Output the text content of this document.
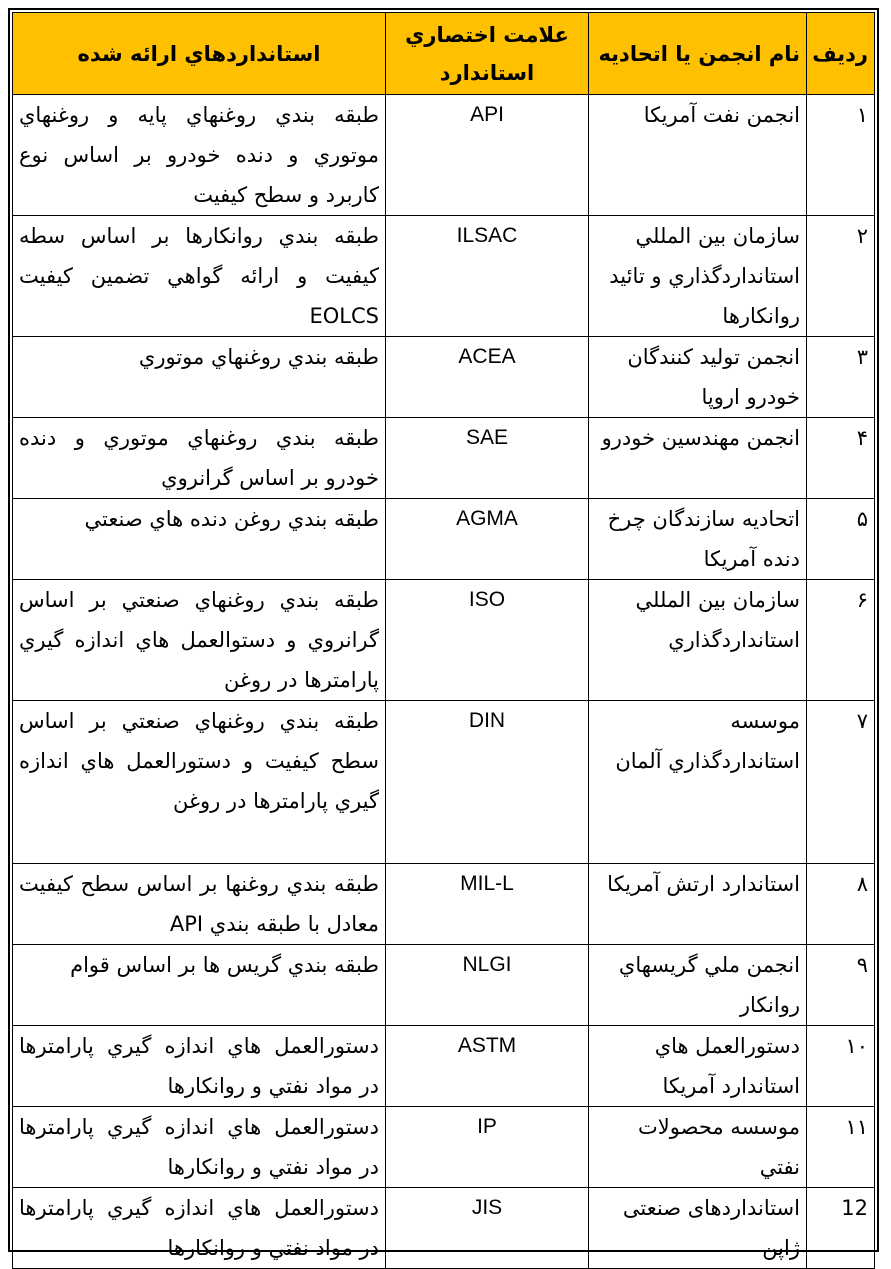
رديف	نام انجمن يا اتحاديه	علامت اختصاري استاندارد	استانداردهاي ارائه شده
۱	انجمن نفت آمريكا	API	طبقه بندي روغنهاي پايه و روغنهاي موتوري و دنده خودرو بر اساس نوع كاربرد و سطح كيفيت
۲	سازمان بين المللي استانداردگذاري و تائيد روانكارها	ILSAC	طبقه بندي روانكارها بر اساس سطه كيفيت و ارائه گواهي تضمين كيفيت EOLCS
۳	انجمن توليد كنندگان خودرو اروپا	ACEA	طبقه بندي روغنهاي موتوري
۴	انجمن مهندسين خودرو	SAE	طبقه بندي روغنهاي موتوري و دنده خودرو بر اساس گرانروي
۵	اتحاديه سازندگان چرخ دنده آمريكا	AGMA	طبقه بندي روغن دنده هاي صنعتي
۶	سازمان بين المللي استانداردگذاري	ISO	طبقه بندي روغنهاي صنعتي بر اساس گرانروي و دستوالعمل هاي اندازه گيري پارامترها در روغن
۷	موسسه استانداردگذاري آلمان	DIN	طبقه بندي روغنهاي صنعتي بر اساس سطح كيفيت و دستورالعمل هاي اندازه گيري پارامترها در روغن
۸	استاندارد ارتش آمريكا	MIL-L	طبقه بندي روغنها بر اساس سطح كيفيت معادل با طبقه بندي API
۹	انجمن ملي گريسهاي روانكار	NLGI	طبقه بندي گريس ها بر اساس قوام
۱۰	دستورالعمل هاي استاندارد آمريكا	ASTM	دستورالعمل هاي اندازه گيري پارامترها در مواد نفتي و روانكارها
۱۱	موسسه محصولات نفتي	IP	دستورالعمل هاي اندازه گيري پارامترها در مواد نفتي و روانكارها
12	استانداردهای صنعتی ژاپن	JIS	دستورالعمل هاي اندازه گيري پارامترها در مواد نفتي و روانكارها
